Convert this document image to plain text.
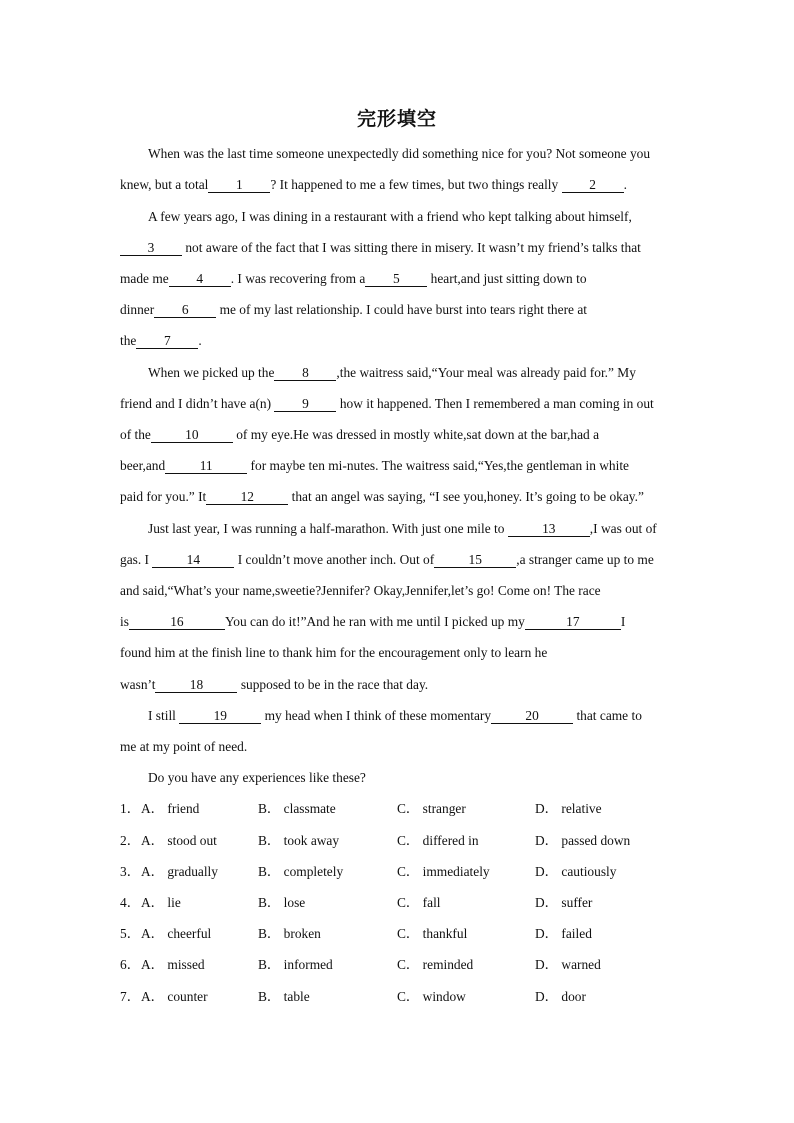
完形填空
When was the last time someone unexpectedly did something nice for you? Not someone you
knew, but a total 1 ? It happened to me a few times, but two things really 2 .
A few years ago, I was dining in a restaurant with a friend who kept talking about himself,
3 not aware of the fact that I was sitting there in misery. It wasn’t my friend’s talks that
made me 4 . I was recovering from a 5 heart,and just sitting down to
dinner 6 me of my last relationship. I could have burst into tears right there at
the 7 .
When we picked up the 8 ,the waitress said,“Your meal was already paid for.” My
friend and I didn’t have a(n) 9 how it happened. Then I remembered a man coming in out
of the	10	of my eye.He was dressed in mostly white,sat down at the bar,had a
beer,and	11	for maybe ten mi-nutes. The waitress said,“Yes,the gentleman in white
paid for you.” It	12	that an angel was saying, “I see you,honey. It’s going to be okay.”
Just last year, I was running a half-marathon. With just one mile to	13	,I was out of
gas. I	14	I couldn’t move another inch. Out of	15	,a stranger came up to me
and said,“What’s your name,sweetie?Jennifer? Okay,Jennifer,let’s go! Come on! The race
is	16	You can do it!”And he ran with me until I picked up my	17	I
found him at the finish line to thank him for the encouragement only to learn he
wasn’t	18	supposed to be in the race that day.
I still	19	my head when I think of these momentary	20	that came to
me at my point of need.
Do you have any experiences like these?
1． A． friend	B． classmate	C． stranger	D． relative
2． A． stood out	B． took away	C． differed in	D． passed down
3． A． gradually	B． completely	C． immediately	D． cautiously
4． A． lie	B． lose	C． fall	D． suffer
5． A． cheerful	B． broken	C． thankful	D． failed
6． A． missed	B． informed	C． reminded	D． warned
7． A． counter	B． table	C． window	D． door
